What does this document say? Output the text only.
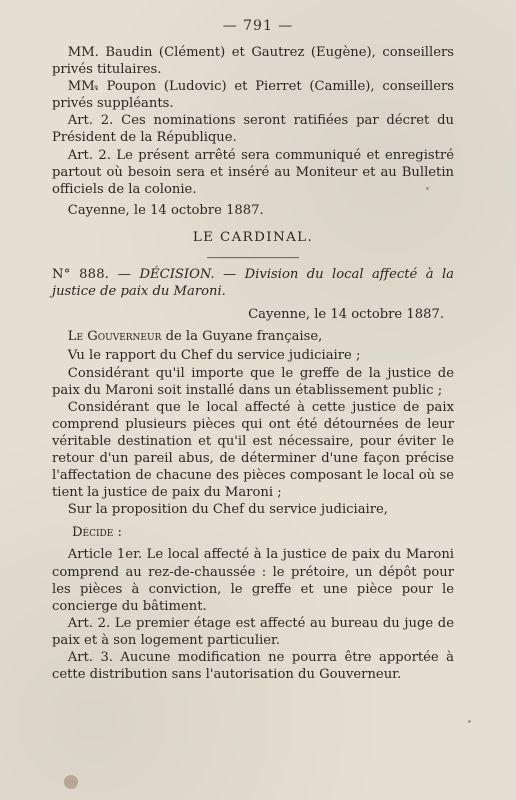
— 791 —

MM. Baudin (Clément) et Gautrez (Eugène), conseillers privés titulaires.

MM. Poupon (Ludovic) et Pierret (Camille), conseillers privés suppléants.

Art. 2. Ces nominations seront ratifiées par décret du Président de la République.

Art. 2. Le présent arrêté sera communiqué et enregistré partout où besoin sera et inséré au Moniteur et au Bulletin officiels de la colonie.

Cayenne, le 14 octobre 1887.

LE CARDINAL.

N° 888. — DÉCISION. — Division du local affecté à la justice de paix du Maroni.

Cayenne, le 14 octobre 1887.

Le Gouverneur de la Guyane française,

Vu le rapport du Chef du service judiciaire ;

Considérant qu'il importe que le greffe de la justice de paix du Maroni soit installé dans un établissement public ;

Considérant que le local affecté à cette justice de paix comprend plusieurs pièces qui ont été détournées de leur véritable destination et qu'il est nécessaire, pour éviter le retour d'un pareil abus, de déterminer d'une façon précise l'affectation de chacune des pièces composant le local où se tient la justice de paix du Maroni ;

Sur la proposition du Chef du service judiciaire,

Décide :

Article 1er. Le local affecté à la justice de paix du Maroni comprend au rez-de-chaussée : le prétoire, un dépôt pour les pièces à conviction, le greffe et une pièce pour le concierge du bâtiment.

Art. 2. Le premier étage est affecté au bureau du juge de paix et à son logement particulier.

Art. 3. Aucune modification ne pourra être apportée à cette distribution sans l'autorisation du Gouverneur.
